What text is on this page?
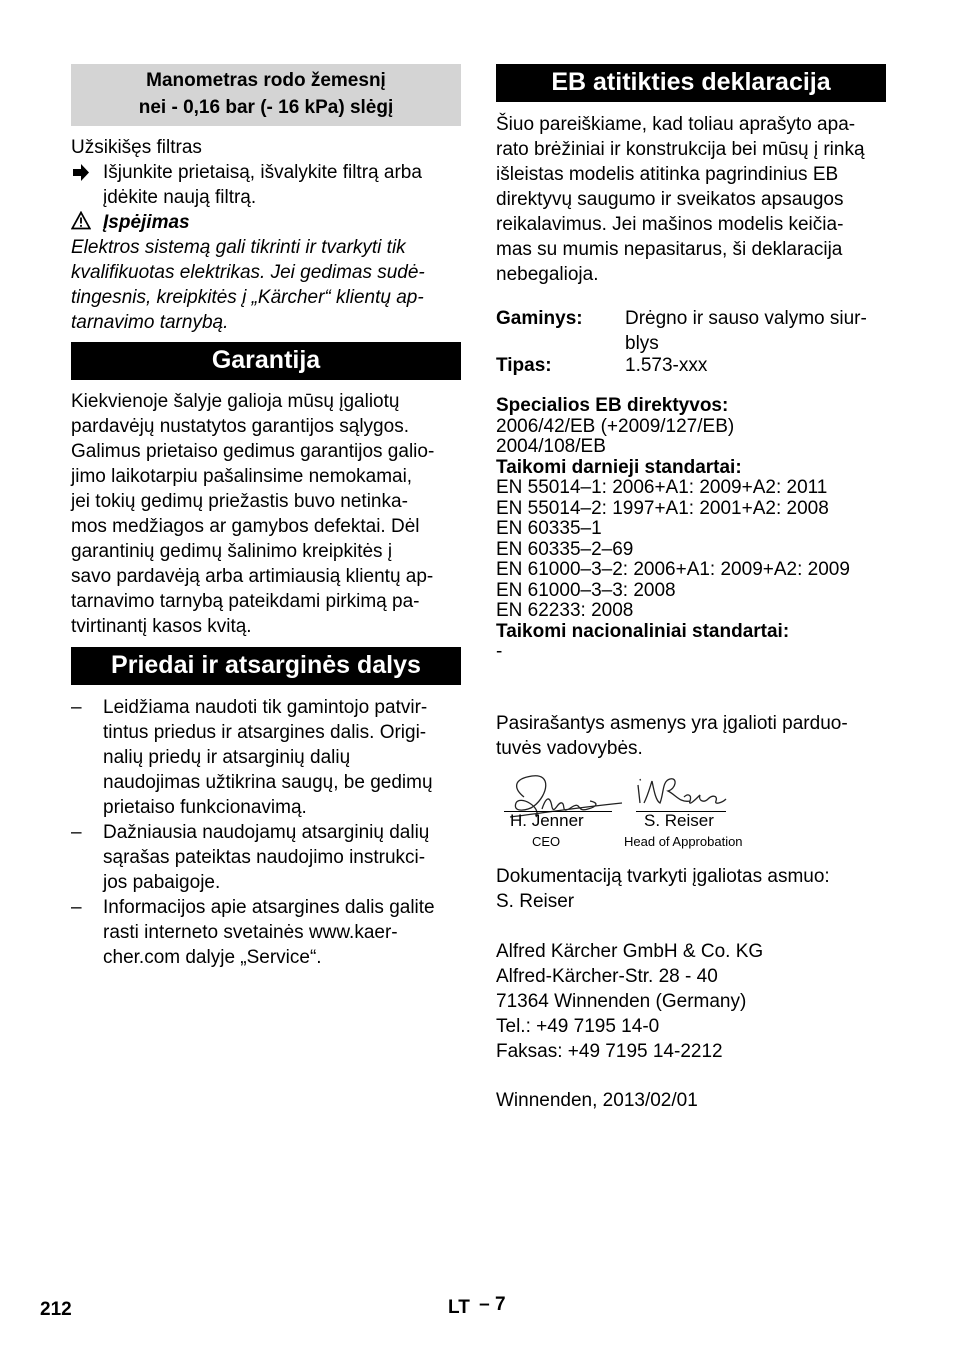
Manometras rodo žemesnį
nei - 0,16 bar (- 16 kPa) slėgį

Užsikišęs filtras

Išjunkite prietaisą, išvalykite filtrą arba

įdėkite naują filtrą.

Įspėjimas

Elektros sistemą gali tikrinti ir tvarkyti tik

kvalifikuotas elektrikas. Jei gedimas sudė-

tingesnis, kreipkitės į „Kärcher“ klientų ap-

tarnavimo tarnybą.

Garantija

Kiekvienoje šalyje galioja mūsų įgaliotų

pardavėjų nustatytos garantijos sąlygos.

Galimus prietaiso gedimus garantijos galio-

jimo laikotarpiu pašalinsime nemokamai,

jei tokių gedimų priežastis buvo netinka-

mos medžiagos ar gamybos defektai. Dėl

garantinių gedimų šalinimo kreipkitės į

savo pardavėją arba artimiausią klientų ap-

tarnavimo tarnybą pateikdami pirkimą pa-

tvirtinantį kasos kvitą.

Priedai ir atsarginės dalys
–	Leidžiama naudoti tik gamintojo patvir-

tintus priedus ir atsargines dalis. Origi-

nalių priedų ir atsarginių dalių

naudojimas užtikrina saugų, be gedimų

prietaiso funkcionavimą.

–	Dažniausia naudojamų atsarginių dalių

sąrašas pateiktas naudojimo instrukci-

jos pabaigoje.

–	Informacijos apie atsargines dalis galite

rasti interneto svetainės www.kaer-

cher.com dalyje „Service“.

EB atitikties deklaracija

Šiuo pareiškiame, kad toliau aprašyto apa-

rato brėžiniai ir konstrukcija bei mūsų į rinką

išleistas modelis atitinka pagrindinius EB

direktyvų saugumo ir sveikatos apsaugos

reikalavimus. Jei mašinos modelis keičia-

mas su mumis nepasitarus, ši deklaracija

nebegalioja.

Gaminys:	Drėgno ir sauso valymo siur-
blys
Tipas:	1.573-xxx

Specialios EB direktyvos:

2006/42/EB (+2009/127/EB)

2004/108/EB

Taikomi darnieji standartai:

EN 55014–1: 2006+A1: 2009+A2: 2011

EN 55014–2: 1997+A1: 2001+A2: 2008

EN 60335–1

EN 60335–2–69

EN 61000–3–2: 2006+A1: 2009+A2: 2009

EN 61000–3–3: 2008

EN 62233: 2008

Taikomi nacionaliniai standartai:

-

Pasirašantys asmenys yra įgalioti parduo-

tuvės vadovybės.

H. Jenner
CEO
S. Reiser
Head of Approbation

Dokumentaciją tvarkyti įgaliotas asmuo:

S. Reiser

Alfred Kärcher GmbH & Co. KG

Alfred-Kärcher-Str. 28 - 40

71364 Winnenden (Germany)

Tel.: +49 7195 14-0

Faksas: +49 7195 14-2212

Winnenden, 2013/02/01

212	LT – 7
